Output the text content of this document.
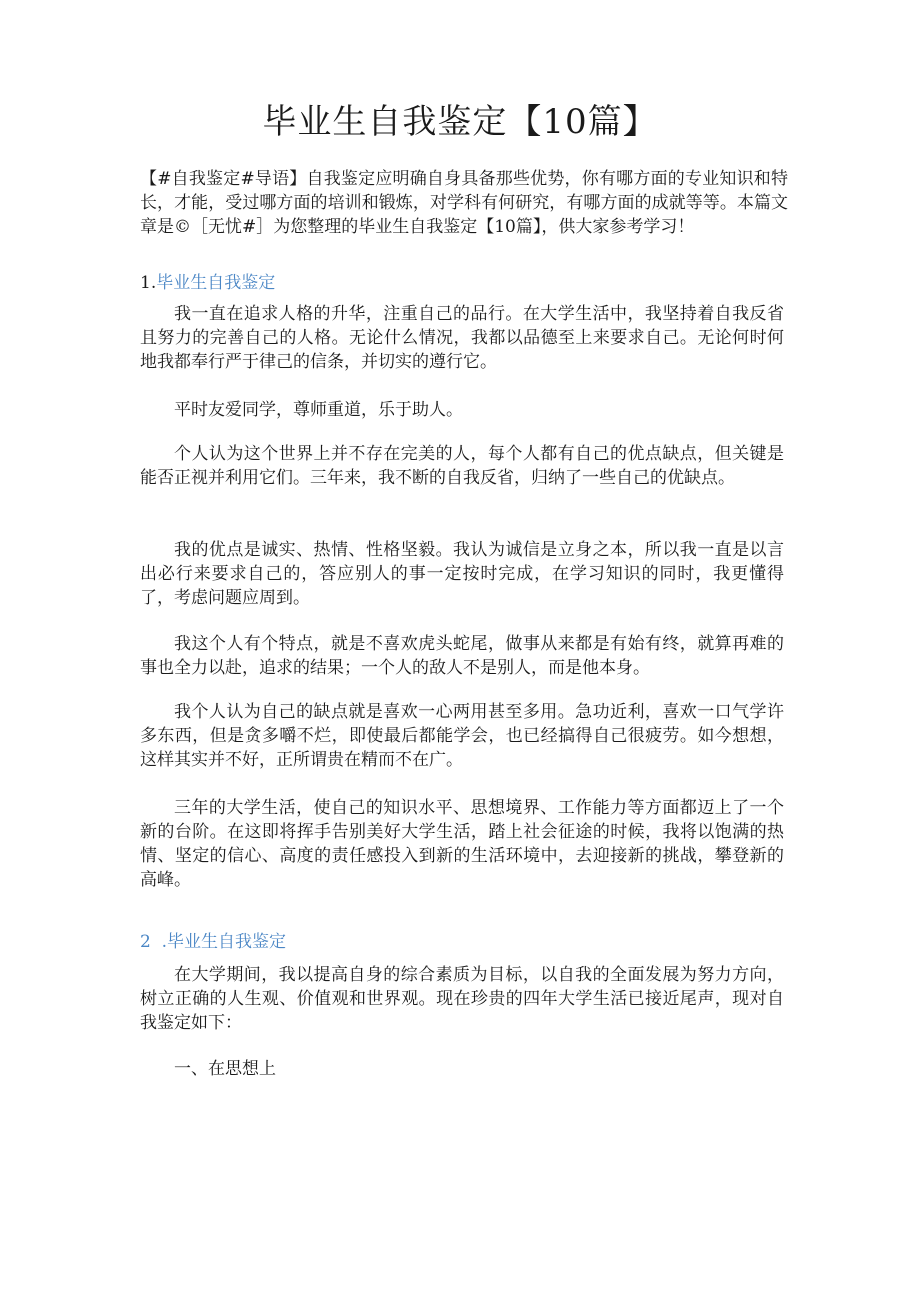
毕业生自我鉴定【10篇】

【#自我鉴定#导语】自我鉴定应明确自身具备那些优势，你有哪方面的专业知识和特长，才能，受过哪方面的培训和锻炼，对学科有何研究，有哪方面的成就等等。本篇文章是©［无忧#］为您整理的毕业生自我鉴定【10篇】，供大家参考学习！

1.毕业生自我鉴定

我一直在追求人格的升华，注重自己的品行。在大学生活中，我坚持着自我反省且努力的完善自己的人格。无论什么情况，我都以品德至上来要求自己。无论何时何地我都奉行严于律己的信条，并切实的遵行它。

平时友爱同学，尊师重道，乐于助人。

个人认为这个世界上并不存在完美的人，每个人都有自己的优点缺点，但关键是能否正视并利用它们。三年来，我不断的自我反省，归纳了一些自己的优缺点。

我的优点是诚实、热情、性格坚毅。我认为诚信是立身之本，所以我一直是以言出必行来要求自己的，答应别人的事一定按时完成，在学习知识的同时，我更懂得了，考虑问题应周到。

我这个人有个特点，就是不喜欢虎头蛇尾，做事从来都是有始有终，就算再难的事也全力以赴，追求的结果；一个人的敌人不是别人，而是他本身。

我个人认为自己的缺点就是喜欢一心两用甚至多用。急功近利，喜欢一口气学许多东西，但是贪多嚼不烂，即使最后都能学会，也已经搞得自己很疲劳。如今想想，这样其实并不好，正所谓贵在精而不在广。

三年的大学生活，使自己的知识水平、思想境界、工作能力等方面都迈上了一个新的台阶。在这即将挥手告别美好大学生活，踏上社会征途的时候，我将以饱满的热情、坚定的信心、高度的责任感投入到新的生活环境中，去迎接新的挑战，攀登新的高峰。

2 .毕业生自我鉴定

在大学期间，我以提高自身的综合素质为目标，以自我的全面发展为努力方向，树立正确的人生观、价值观和世界观。现在珍贵的四年大学生活已接近尾声，现对自我鉴定如下：

一、在思想上
